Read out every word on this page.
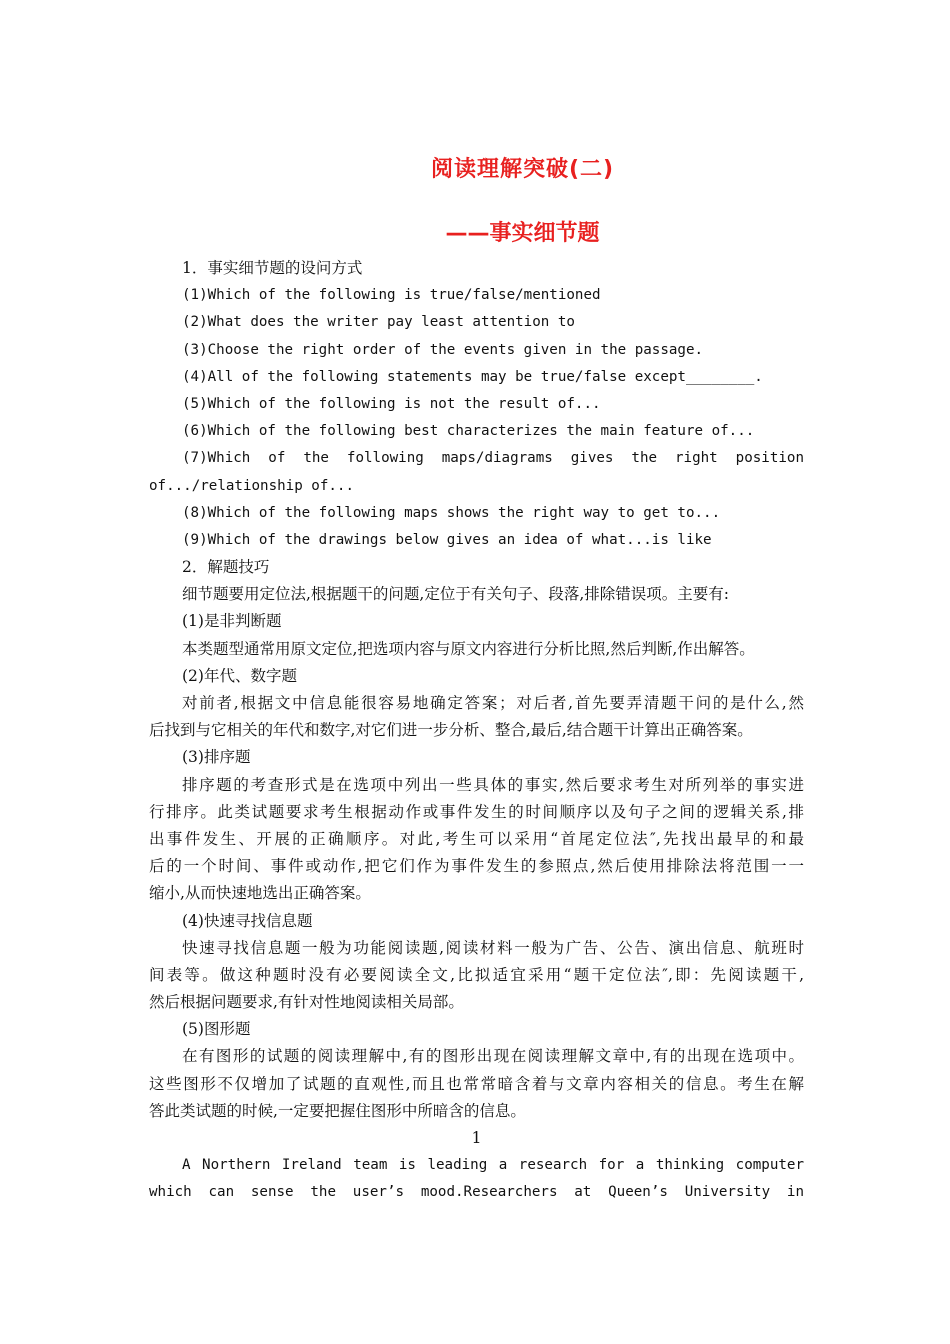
阅读理解突破(二)
——事实细节题
1．事实细节题的设问方式
(1)Which of the following is true/false/mentioned
(2)What does the writer pay least attention to
(3)Choose the right order of the events given in the passage.
(4)All of the following statements may be true/false except________.
(5)Which of the following is not the result of...
(6)Which of the following best characterizes the main feature of...
(7)Which of the following maps/diagrams gives the right position
of.../relationship of...
(8)Which of the following maps shows the right way to get to...
(9)Which of the drawings below gives an idea of what...is like
2．解题技巧
细节题要用定位法,根据题干的问题,定位于有关句子、段落,排除错误项。主要有:
(1)是非判断题
本类题型通常用原文定位,把选项内容与原文内容进行分析比照,然后判断,作出解答。
(2)年代、数字题
对前者,根据文中信息能很容易地确定答案；对后者,首先要弄清题干问的是什么,然
后找到与它相关的年代和数字,对它们进一步分析、整合,最后,结合题干计算出正确答案。
(3)排序题
排序题的考查形式是在选项中列出一些具体的事实,然后要求考生对所列举的事实进
行排序。此类试题要求考生根据动作或事件发生的时间顺序以及句子之间的逻辑关系,排
出事件发生、开展的正确顺序。对此,考生可以采用“首尾定位法″,先找出最早的和最
后的一个时间、事件或动作,把它们作为事件发生的参照点,然后使用排除法将范围一一
缩小,从而快速地选出正确答案。
(4)快速寻找信息题
快速寻找信息题一般为功能阅读题,阅读材料一般为广告、公告、演出信息、航班时
间表等。做这种题时没有必要阅读全文,比拟适宜采用“题干定位法″,即：先阅读题干,
然后根据问题要求,有针对性地阅读相关局部。
(5)图形题
在有图形的试题的阅读理解中,有的图形出现在阅读理解文章中,有的出现在选项中。
这些图形不仅增加了试题的直观性,而且也常常暗含着与文章内容相关的信息。考生在解
答此类试题的时候,一定要把握住图形中所暗含的信息。
1
A Northern Ireland team is leading a research for a thinking computer
which can sense the user’s mood.Researchers at Queen’s University in
